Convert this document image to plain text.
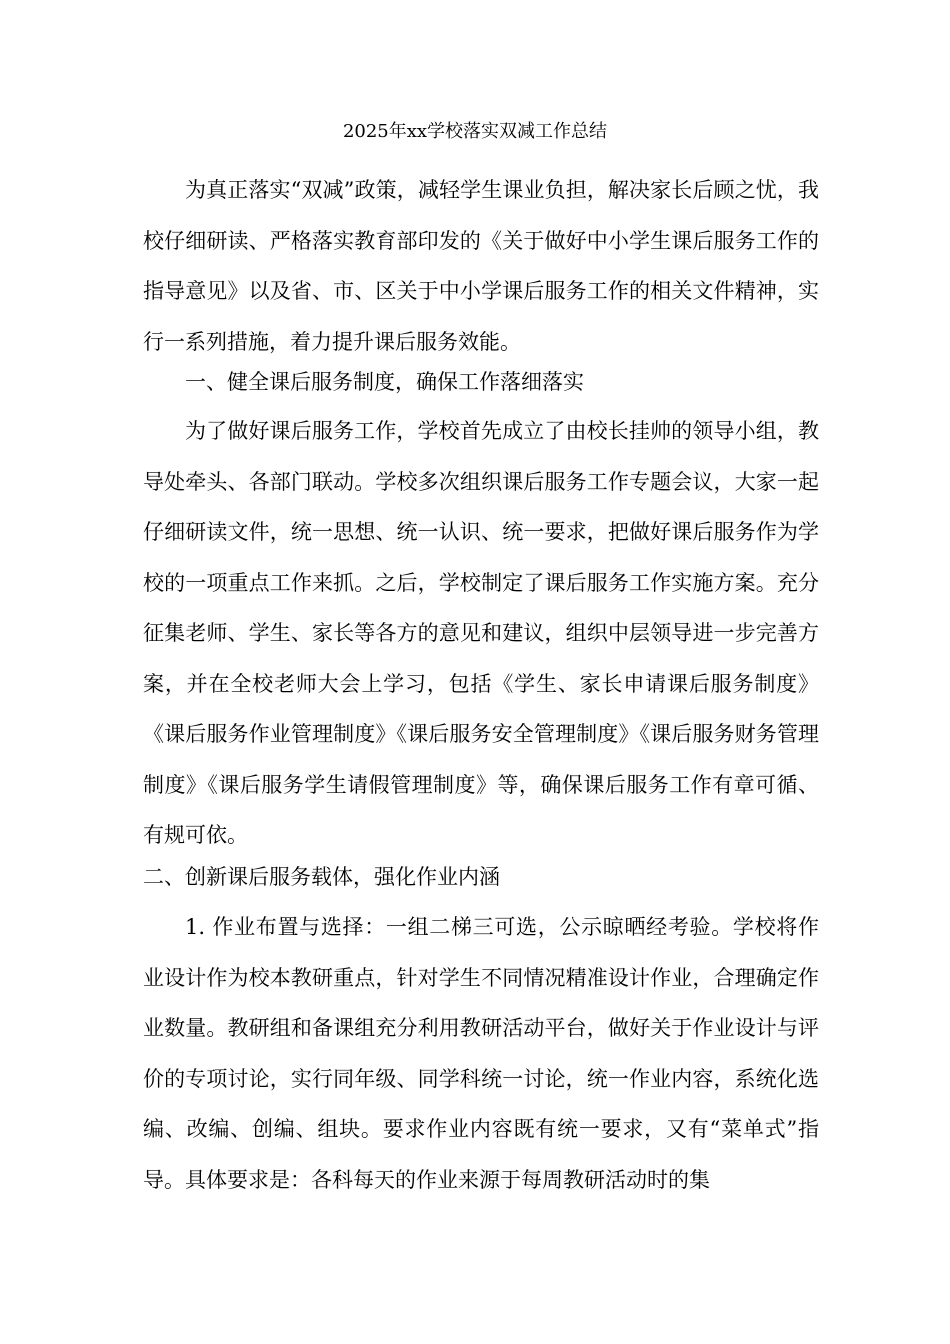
2025年xx学校落实双减工作总结

为真正落实“双减”政策，减轻学生课业负担，解决家长后顾之忧，我校仔细研读、严格落实教育部印发的《关于做好中小学生课后服务工作的指导意见》以及省、市、区关于中小学课后服务工作的相关文件精神，实行一系列措施，着力提升课后服务效能。

一、健全课后服务制度，确保工作落细落实

为了做好课后服务工作，学校首先成立了由校长挂帅的领导小组，教导处牵头、各部门联动。学校多次组织课后服务工作专题会议，大家一起仔细研读文件，统一思想、统一认识、统一要求，把做好课后服务作为学校的一项重点工作来抓。之后，学校制定了课后服务工作实施方案。充分征集老师、学生、家长等各方的意见和建议，组织中层领导进一步完善方案，并在全校老师大会上学习，包括《学生、家长申请课后服务制度》《课后服务作业管理制度》《课后服务安全管理制度》《课后服务财务管理制度》《课后服务学生请假管理制度》等，确保课后服务工作有章可循、有规可依。

二、创新课后服务载体，强化作业内涵

1. 作业布置与选择：一组二梯三可选，公示晾晒经考验。学校将作业设计作为校本教研重点，针对学生不同情况精准设计作业，合理确定作业数量。教研组和备课组充分利用教研活动平台，做好关于作业设计与评价的专项讨论，实行同年级、同学科统一讨论，统一作业内容，系统化选编、改编、创编、组块。要求作业内容既有统一要求，又有“菜单式”指导。具体要求是：各科每天的作业来源于每周教研活动时的集
